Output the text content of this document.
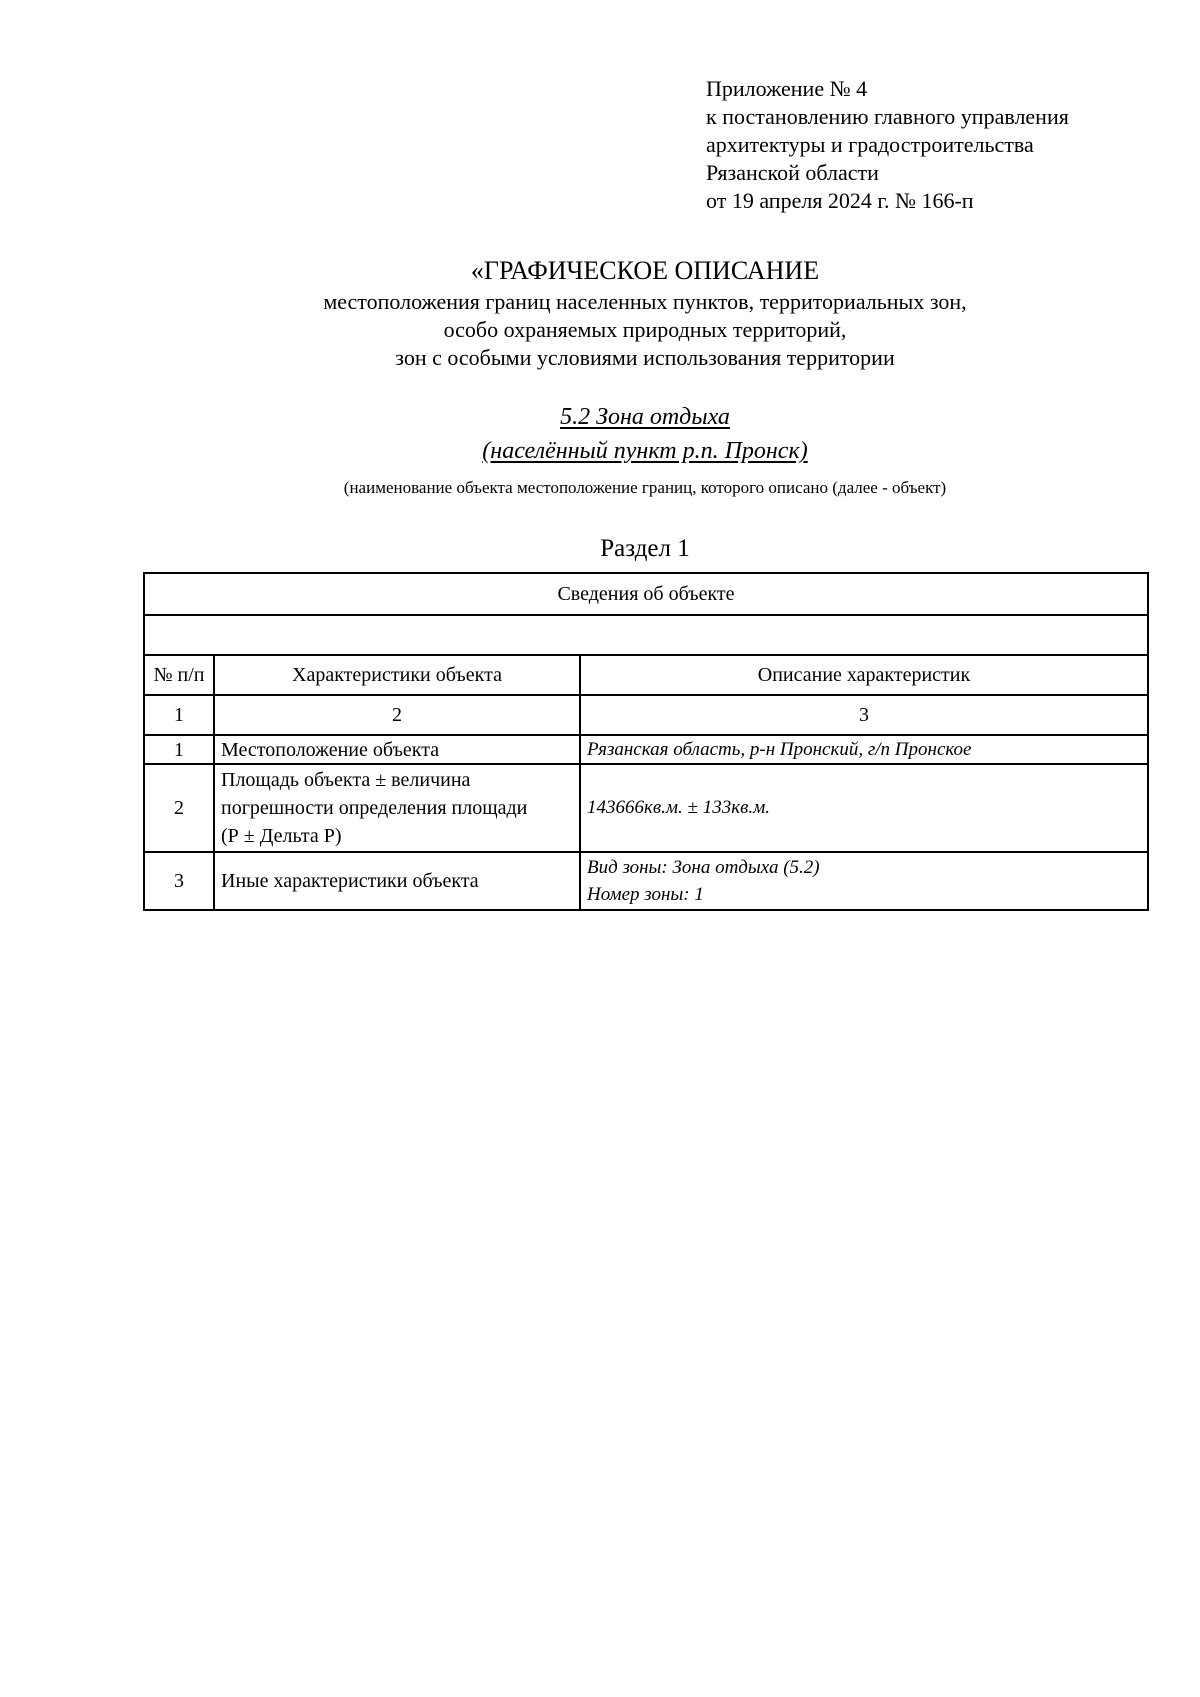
Приложение № 4
к постановлению главного управления
архитектуры и градостроительства
Рязанской области
от 19 апреля 2024 г. № 166-п
«ГРАФИЧЕСКОЕ ОПИСАНИЕ
местоположения границ населенных пунктов, территориальных зон,
особо охраняемых природных территорий,
зон с особыми условиями использования территории
5.2 Зона отдыха
(населённый пункт р.п. Пронск)
(наименование объекта местоположение границ, которого описано (далее - объект)
Раздел 1
Сведения об объекте		

№ п/п	Характеристики объекта	Описание характеристик
1	2	3
1	Местоположение объекта	Рязанская область, р-н Пронский, г/п Пронское

2	Площадь объекта ± величина
погрешности определения площади
(Р ± Дельта Р)	143666кв.м. ± 133кв.м.

3	Иные характеристики объекта	Вид зоны: Зона отдыха (5.2)
Номер зоны: 1
